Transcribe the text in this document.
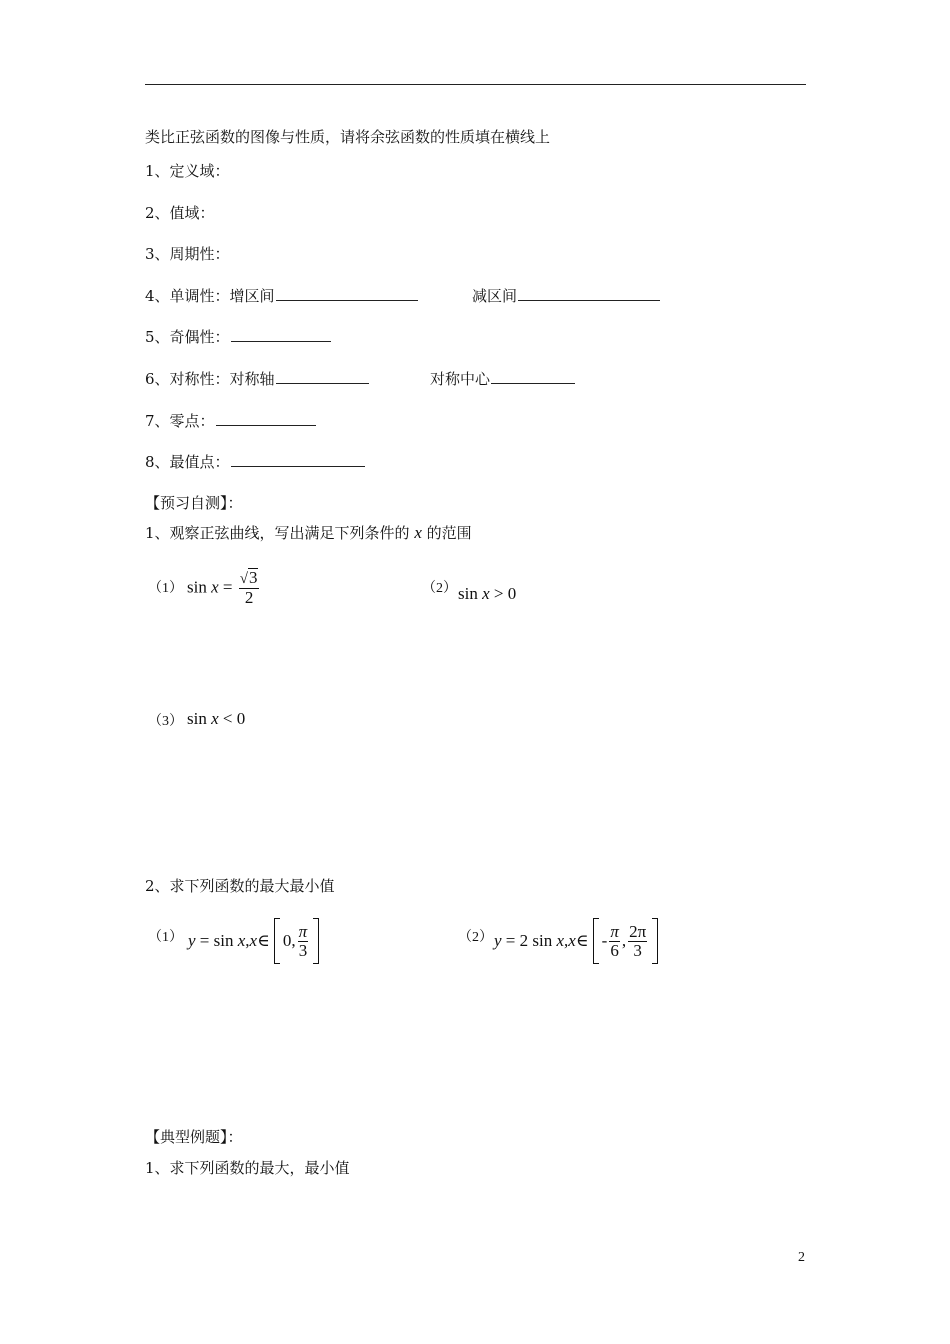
类比正弦函数的图像与性质，请将余弦函数的性质填在横线上
1、定义域：
2、值域：
3、周期性：
4、单调性：增区间	减区间
5、奇偶性：
6、对称性：对称轴	对称中心
7、零点：
8、最值点：
【预习自测】：
1、观察正弦曲线，写出满足下列条件的 x 的范围
（1） $\sin x = \frac{√3}{2}$	（2） sin x > 0
（3） sin x < 0
2、求下列函数的最大最小值
（1） y = sin x,x∈ 0, $\frac{\pi}{3}$	（2） y = 2 sin x,x∈ - $\frac{\pi}{6}$ , $\frac{2\pi}{3}$
【典型例题】：
1、求下列函数的最大，最小值
2
